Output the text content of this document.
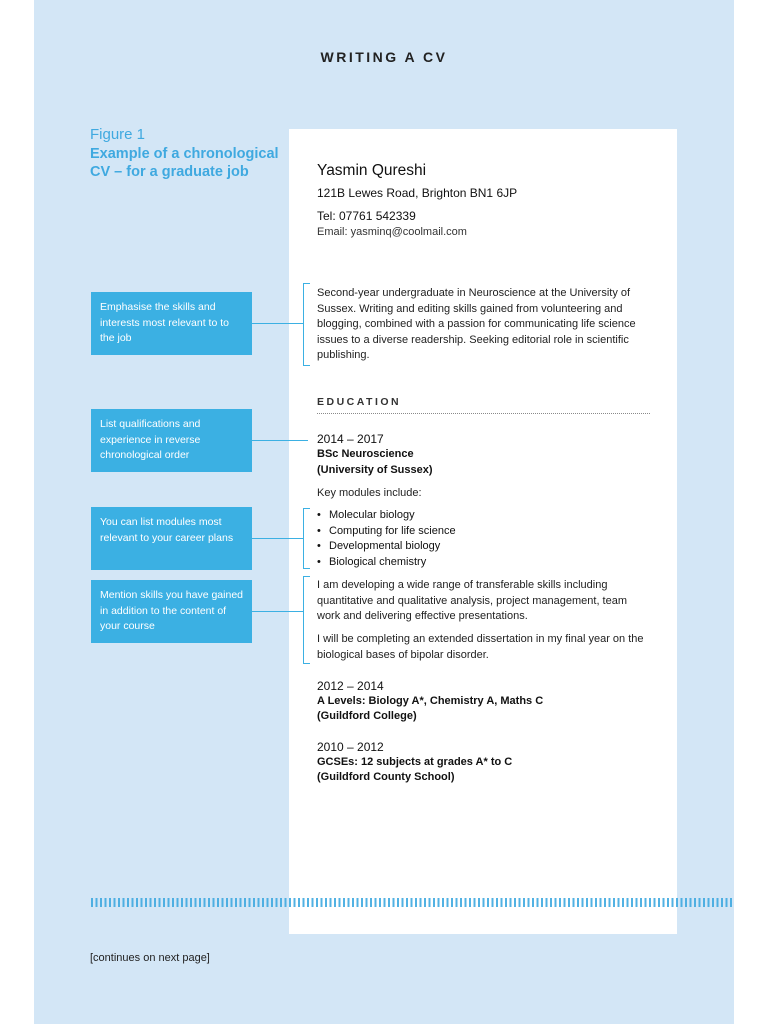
WRITING A CV
Figure 1
Example of a chronological CV – for a graduate job	Yasmin Qureshi
121B Lewes Road, Brighton BN1 6JP
Tel: 07761 542339
Email: yasminq@coolmail.com
Second-year undergraduate in Neuroscience at the University of Sussex. Writing and editing skills gained from volunteering and blogging, combined with a passion for communicating life science issues to a diverse readership. Seeking editorial role in scientific publishing.
EDUCATION
2014 – 2017
BSc Neuroscience
(University of Sussex)
Key modules include:
• Molecular biology
• Computing for life science
• Developmental biology
• Biological chemistry

I am developing a wide range of transferable skills including quantitative and qualitative analysis, project management, team work and delivering effective presentations.

I will be completing an extended dissertation in my final year on the biological bases of bipolar disorder.

2012 – 2014
A Levels: Biology A*, Chemistry A, Maths C
(Guildford College)
2010 – 2012
GCSEs: 12 subjects at grades A* to C
(Guildford County School)
Emphasise the skills and interests most relevant to to the job
List qualifications and experience in reverse chronological order
You can list modules most relevant to your career plans
Mention skills you have gained in addition to the content of your course
[continues on next page]
